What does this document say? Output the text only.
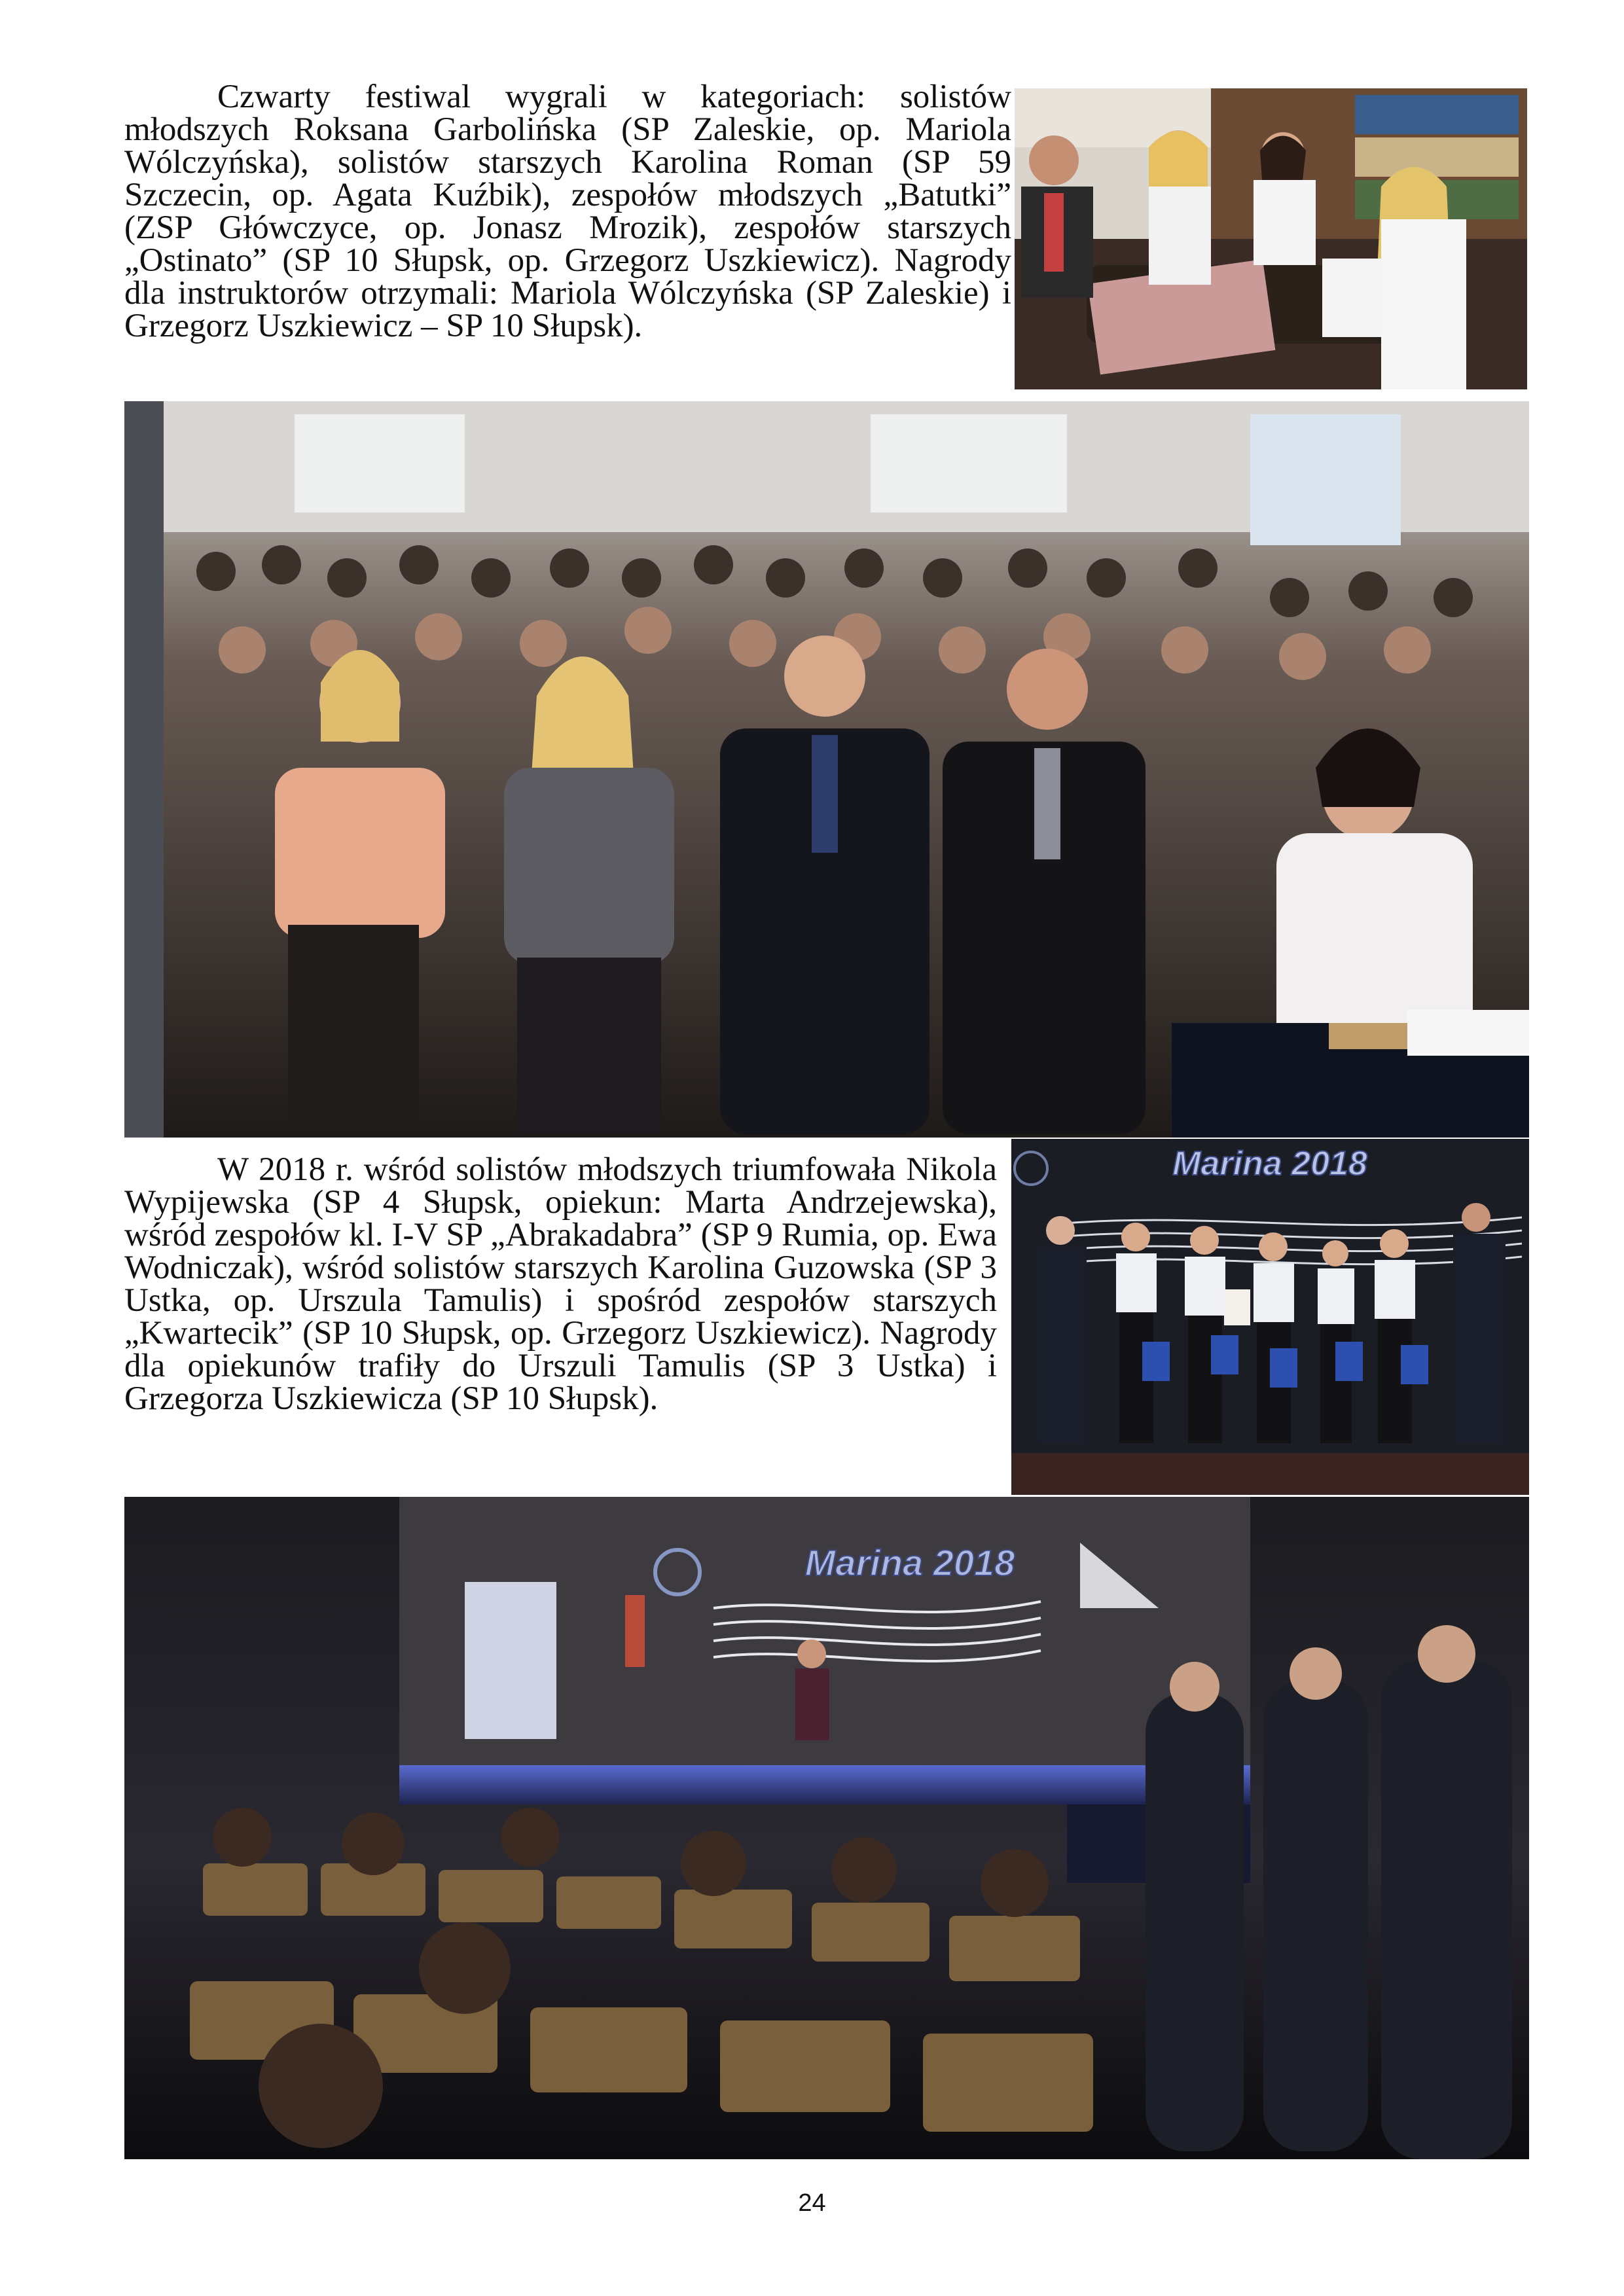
Czwarty festiwal wygrali w kategoriach: solistów młodszych Roksana Garbolińska (SP Zaleskie, op. Mariola Wólczyńska), solistów starszych Karolina Roman (SP 59 Szczecin, op. Agata Kuźbik), zespołów młodszych „Batutki” (ZSP Główczyce, op. Jonasz Mrozik), zespołów starszych „Ostinato” (SP 10 Słupsk, op. Grzegorz Uszkiewicz). Nagrody dla instruktorów otrzymali: Mariola Wólczyńska (SP Zaleskie) i Grzegorz Uszkiewicz – SP 10 Słupsk).

W 2018 r. wśród solistów młodszych triumfowała Nikola Wypijewska (SP 4 Słupsk, opiekun: Marta Andrzejewska), wśród zespołów kl. I-V SP „Abrakadabra” (SP 9 Rumia, op. Ewa Wodniczak), wśród solistów starszych Karolina Guzowska (SP 3 Ustka, op. Urszula Tamulis) i spośród zespołów starszych „Kwartecik” (SP 10 Słupsk, op. Grzegorz Uszkiewicz). Nagrody dla opiekunów trafiły do Urszuli Tamulis (SP 3 Ustka) i Grzegorza Uszkiewicza (SP 10 Słupsk).

Marina 2018
Marina 2018
24
